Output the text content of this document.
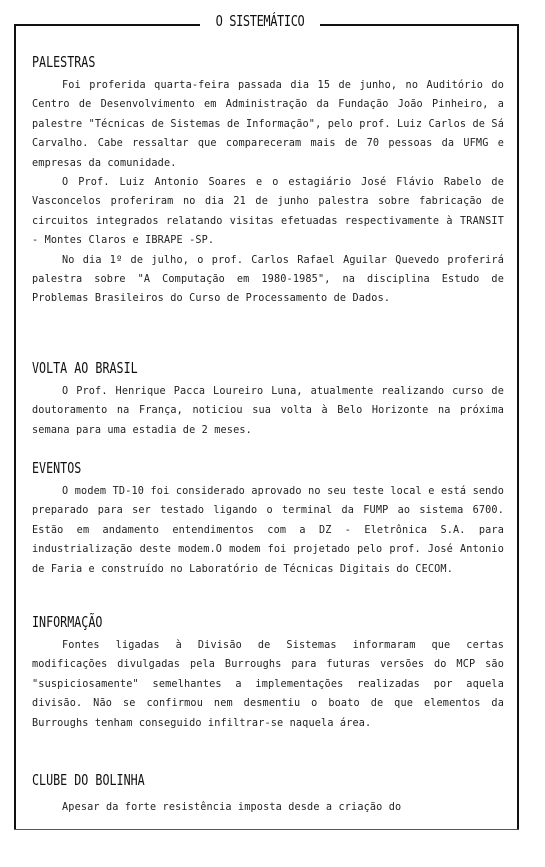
O SISTEMÁTICO
PALESTRAS

Foi proferida quarta-feira passada dia 15 de junho, no Auditório do Centro de Desenvolvimento em Administração da Fundação João Pinheiro, a palestre "Técnicas de Sistemas de Informação", pelo prof. Luiz Carlos de Sá Carvalho. Cabe ressaltar que compareceram mais de 70 pessoas da UFMG e empresas da comunidade.

O Prof. Luiz Antonio Soares e o estagiário José Flávio Rabelo de Vasconcelos proferiram no dia 21 de junho palestra sobre fabricação de circuitos integrados relatando visitas efetuadas respectivamente à TRANSIT - Montes Claros e IBRAPE -SP.

No dia 1º de julho, o prof. Carlos Rafael Aguilar Quevedo proferirá palestra sobre "A Computação em 1980-1985", na disciplina Estudo de Problemas Brasileiros do Curso de Processamento de Dados.

VOLTA AO BRASIL

O Prof. Henrique Pacca Loureiro Luna, atualmente realizando curso de doutoramento na França, noticiou sua volta à Belo Horizonte na próxima semana para uma estadia de 2 meses.

EVENTOS

O modem TD-10 foi considerado aprovado no seu teste local e está sendo preparado para ser testado ligando o terminal da FUMP ao sistema 6700. Estão em andamento entendimentos com a DZ - Eletrônica S.A. para industrialização deste modem.O modem foi projetado pelo prof. José Antonio de Faria e construído no Laboratório de Técnicas Digitais do CECOM.

INFORMAÇÃO

Fontes ligadas à Divisão de Sistemas informaram que certas modificações divulgadas pela Burroughs para futuras versões do MCP são "suspiciosamente" semelhantes a implementações realizadas por aquela divisão. Não se confirmou nem desmentiu o boato de que elementos da Burroughs tenham conseguido infiltrar-se naquela área.

CLUBE DO BOLINHA

Apesar da forte resistência imposta desde a criação do
